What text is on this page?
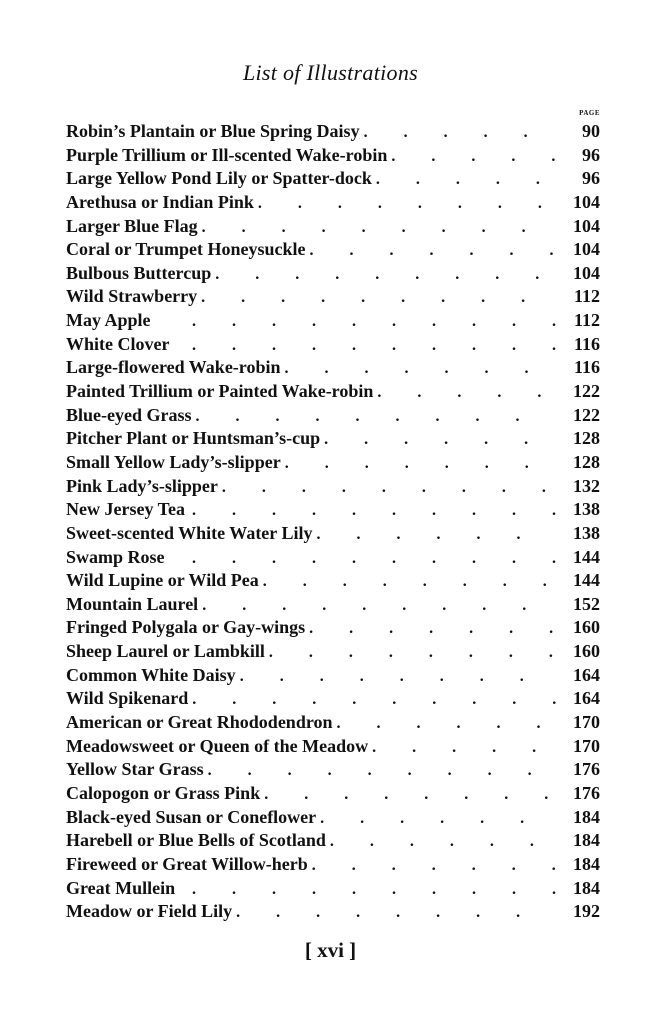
List of Illustrations
PAGE
Robin’s Plantain or Blue Spring Daisy .	90
Purple Trillium or Ill-scented Wake-robin .	96
Large Yellow Pond Lily or Spatter-dock .	96
Arethusa or Indian Pink .	104
Larger Blue Flag .	104
Coral or Trumpet Honeysuckle .	104
Bulbous Buttercup .	104
Wild Strawberry .	112
May Apple .	112
White Clover .	116
Large-flowered Wake-robin .	116
Painted Trillium or Painted Wake-robin .	122
Blue-eyed Grass .	122
Pitcher Plant or Huntsman’s-cup .	128
Small Yellow Lady’s-slipper .	128
Pink Lady’s-slipper .	132
New Jersey Tea .	138
Sweet-scented White Water Lily .	138
Swamp Rose .	144
Wild Lupine or Wild Pea .	144
Mountain Laurel .	152
Fringed Polygala or Gay-wings .	160
Sheep Laurel or Lambkill .	160
Common White Daisy .	164
Wild Spikenard .	164
American or Great Rhododendron .	170
Meadowsweet or Queen of the Meadow .	170
Yellow Star Grass .	176
Calopogon or Grass Pink .	176
Black-eyed Susan or Coneflower .	184
Harebell or Blue Bells of Scotland .	184
Fireweed or Great Willow-herb .	184
Great Mullein .	184
Meadow or Field Lily .	192
[ xvi ]
